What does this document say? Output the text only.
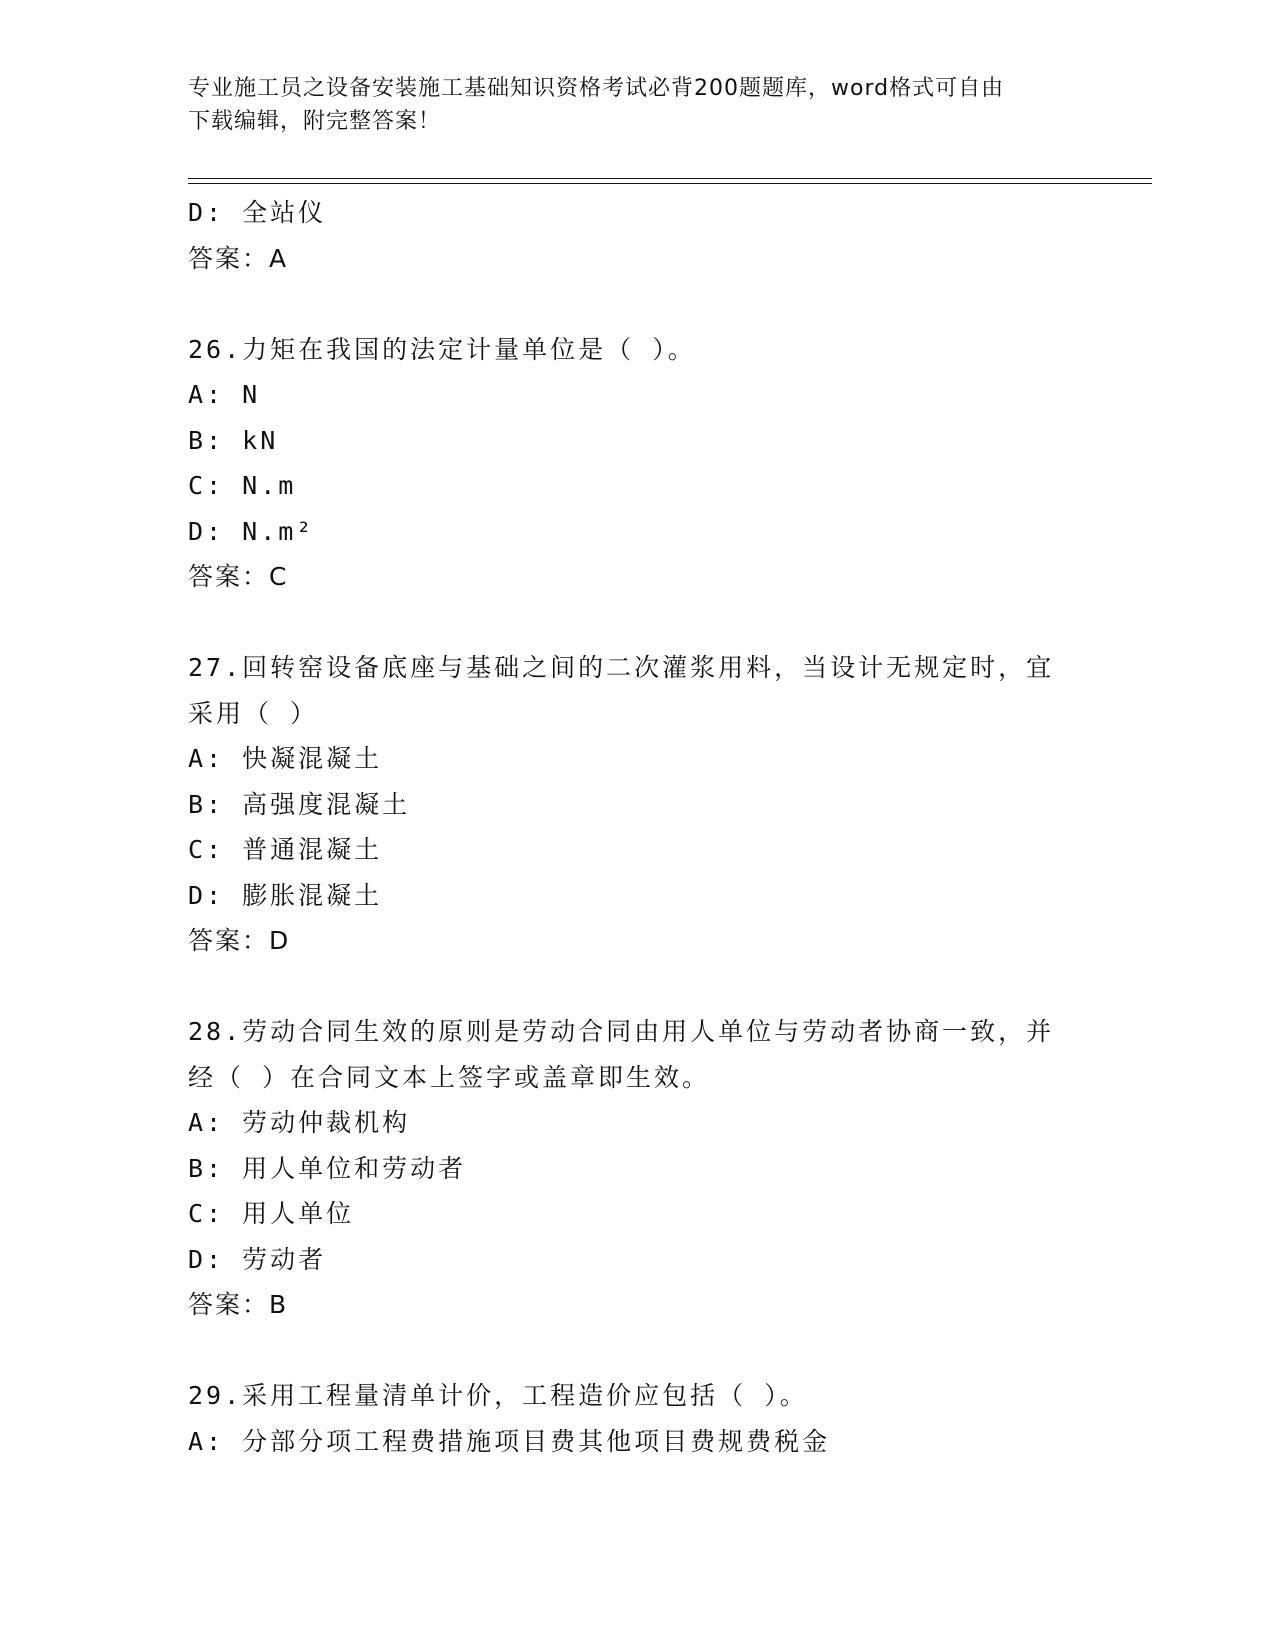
专业施工员之设备安装施工基础知识资格考试必背200题题库，word格式可自由
下载编辑，附完整答案！
D: 全站仪
答案：A
26.力矩在我国的法定计量单位是（ ）。
A: N
B: kN
C: N.m
D: N.m²
答案：C
27.回转窑设备底座与基础之间的二次灌浆用料，当设计无规定时，宜
采用（ ）
A: 快凝混凝土
B: 高强度混凝土
C: 普通混凝土
D: 膨胀混凝土
答案：D
28.劳动合同生效的原则是劳动合同由用人单位与劳动者协商一致，并
经（ ）在合同文本上签字或盖章即生效。
A: 劳动仲裁机构
B: 用人单位和劳动者
C: 用人单位
D: 劳动者
答案：B
29.采用工程量清单计价，工程造价应包括（ ）。
A: 分部分项工程费措施项目费其他项目费规费税金
